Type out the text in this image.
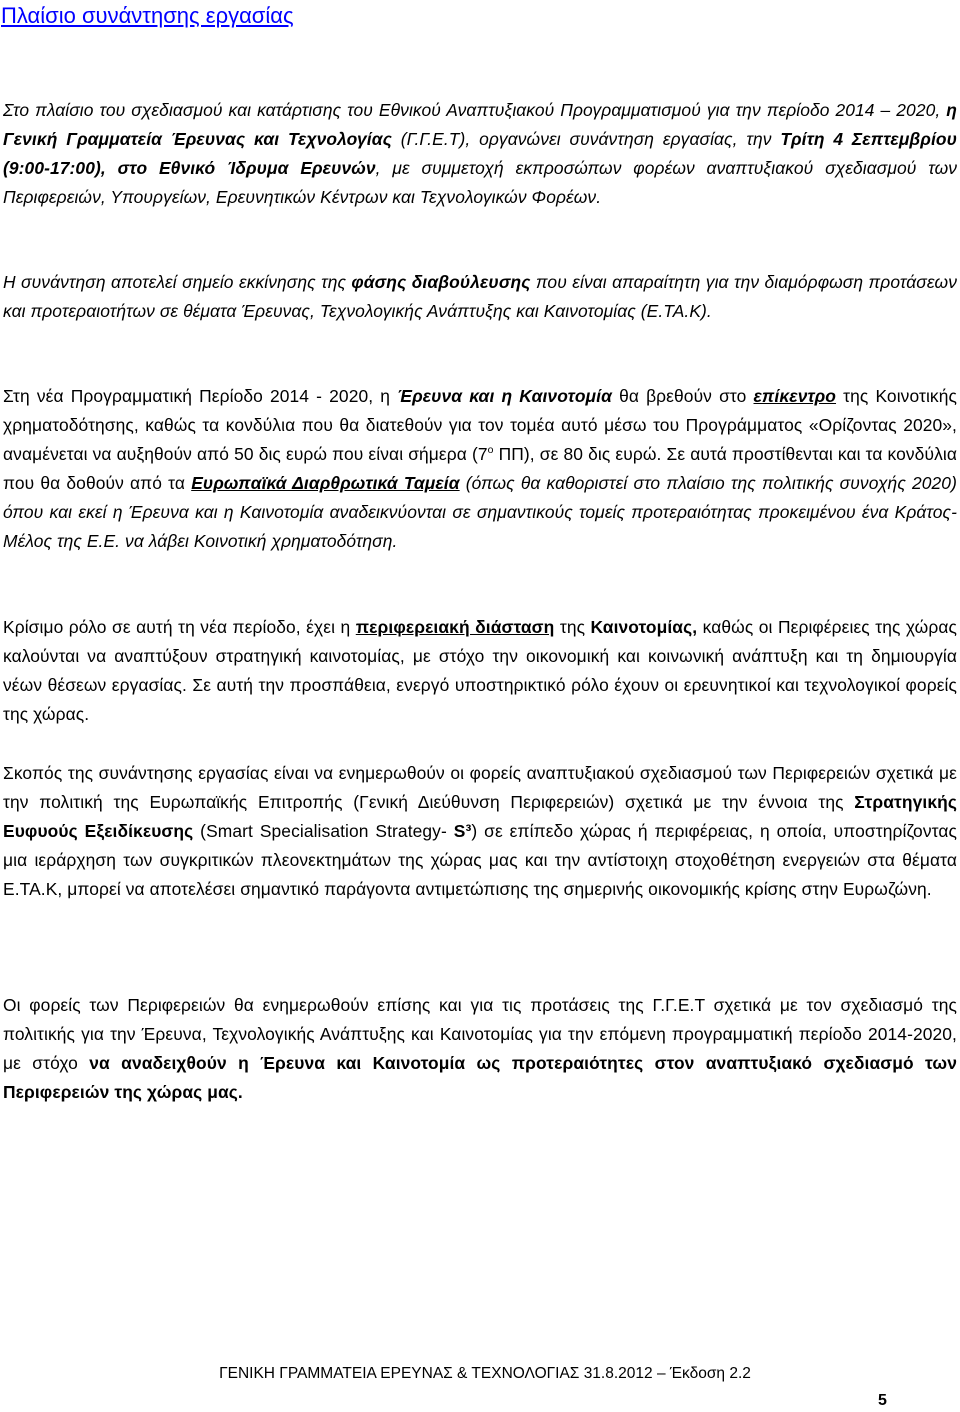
Πλαίσιο συνάντησης εργασίας

Στο πλαίσιο του σχεδιασμού και κατάρτισης του Εθνικού Αναπτυξιακού Προγραμματισμού για την περίοδο 2014 – 2020, η Γενική Γραμματεία Έρευνας και Τεχνολογίας (Γ.Γ.Ε.Τ), οργανώνει συνάντηση εργασίας, την Τρίτη 4 Σεπτεμβρίου (9:00-17:00), στο Εθνικό Ίδρυμα Ερευνών, με συμμετοχή εκπροσώπων φορέων αναπτυξιακού σχεδιασμού των Περιφερειών, Υπουργείων, Ερευνητικών Κέντρων και Τεχνολογικών Φορέων.

Η συνάντηση αποτελεί σημείο εκκίνησης της φάσης διαβούλευσης που είναι απαραίτητη για την διαμόρφωση προτάσεων και προτεραιοτήτων σε θέματα Έρευνας, Τεχνολογικής Ανάπτυξης και Καινοτομίας (Ε.ΤΑ.Κ).

Στη νέα Προγραμματική Περίοδο 2014 - 2020, η Έρευνα και η Καινοτομία θα βρεθούν στο επίκεντρο της Κοινοτικής χρηματοδότησης, καθώς τα κονδύλια που θα διατεθούν για τον τομέα αυτό μέσω του Προγράμματος «Ορίζοντας 2020», αναμένεται να αυξηθούν από 50 δις ευρώ που είναι σήμερα ($7^o$ ΠΠ), σε 80 δις ευρώ. Σε αυτά προστίθενται και τα κονδύλια που θα δοθούν από τα Ευρωπαϊκά Διαρθρωτικά Ταμεία (όπως θα καθοριστεί στο πλαίσιο της πολιτικής συνοχής 2020) όπου και εκεί η Έρευνα και η Καινοτομία αναδεικνύονται σε σημαντικούς τομείς προτεραιότητας προκειμένου ένα Κράτος-Μέλος της Ε.Ε. να λάβει Κοινοτική χρηματοδότηση.

Κρίσιμο ρόλο σε αυτή τη νέα περίοδο, έχει η περιφερειακή διάσταση της Καινοτομίας, καθώς οι Περιφέρειες της χώρας καλούνται να αναπτύξουν στρατηγική καινοτομίας, με στόχο την οικονομική και κοινωνική ανάπτυξη και τη δημιουργία νέων θέσεων εργασίας. Σε αυτή την προσπάθεια, ενεργό υποστηρικτικό ρόλο έχουν οι ερευνητικοί και τεχνολογικοί φορείς της χώρας.

Σκοπός της συνάντησης εργασίας είναι να ενημερωθούν οι φορείς αναπτυξιακού σχεδιασμού των Περιφερειών σχετικά με την πολιτική της Ευρωπαϊκής Επιτροπής (Γενική Διεύθυνση Περιφερειών) σχετικά με την έννοια της Στρατηγικής Ευφυούς Εξειδίκευσης (Smart Specialisation Strategy- S³) σε επίπεδο χώρας ή περιφέρειας, η οποία, υποστηρίζοντας μια ιεράρχηση των συγκριτικών πλεονεκτημάτων της χώρας μας και την αντίστοιχη στοχοθέτηση ενεργειών στα θέματα Ε.ΤΑ.Κ, μπορεί να αποτελέσει σημαντικό παράγοντα αντιμετώπισης της σημερινής οικονομικής κρίσης στην Ευρωζώνη.

Οι φορείς των Περιφερειών θα ενημερωθούν επίσης και για τις προτάσεις της Γ.Γ.Ε.Τ σχετικά με τον σχεδιασμό της πολιτικής για την Έρευνα, Τεχνολογικής Ανάπτυξης και Καινοτομίας για την επόμενη προγραμματική περίοδο 2014-2020, με στόχο να αναδειχθούν η Έρευνα και Καινοτομία ως προτεραιότητες στον αναπτυξιακό σχεδιασμό των Περιφερειών της χώρας μας.

ΓΕΝΙΚΗ ΓΡΑΜΜΑΤΕΙΑ ΕΡΕΥΝΑΣ & ΤΕΧΝΟΛΟΓΙΑΣ 31.8.2012 – Έκδοση 2.2
5
